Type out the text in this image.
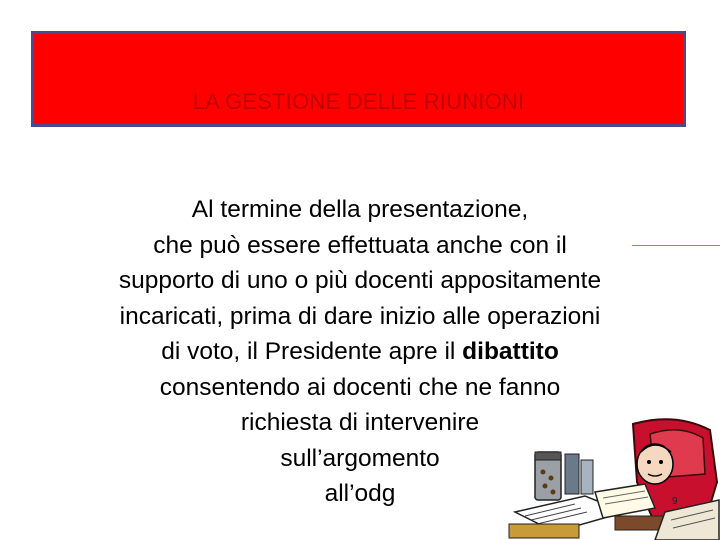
LA GESTIONE DELLE RIUNIONI
Al termine della presentazione,
che può essere effettuata anche con il
supporto di uno o più docenti appositamente
incaricati, prima di dare inizio alle operazioni
di voto, il Presidente apre il dibattito
consentendo ai docenti che ne fanno
richiesta di intervenire
sull’argomento
all’odg	9
